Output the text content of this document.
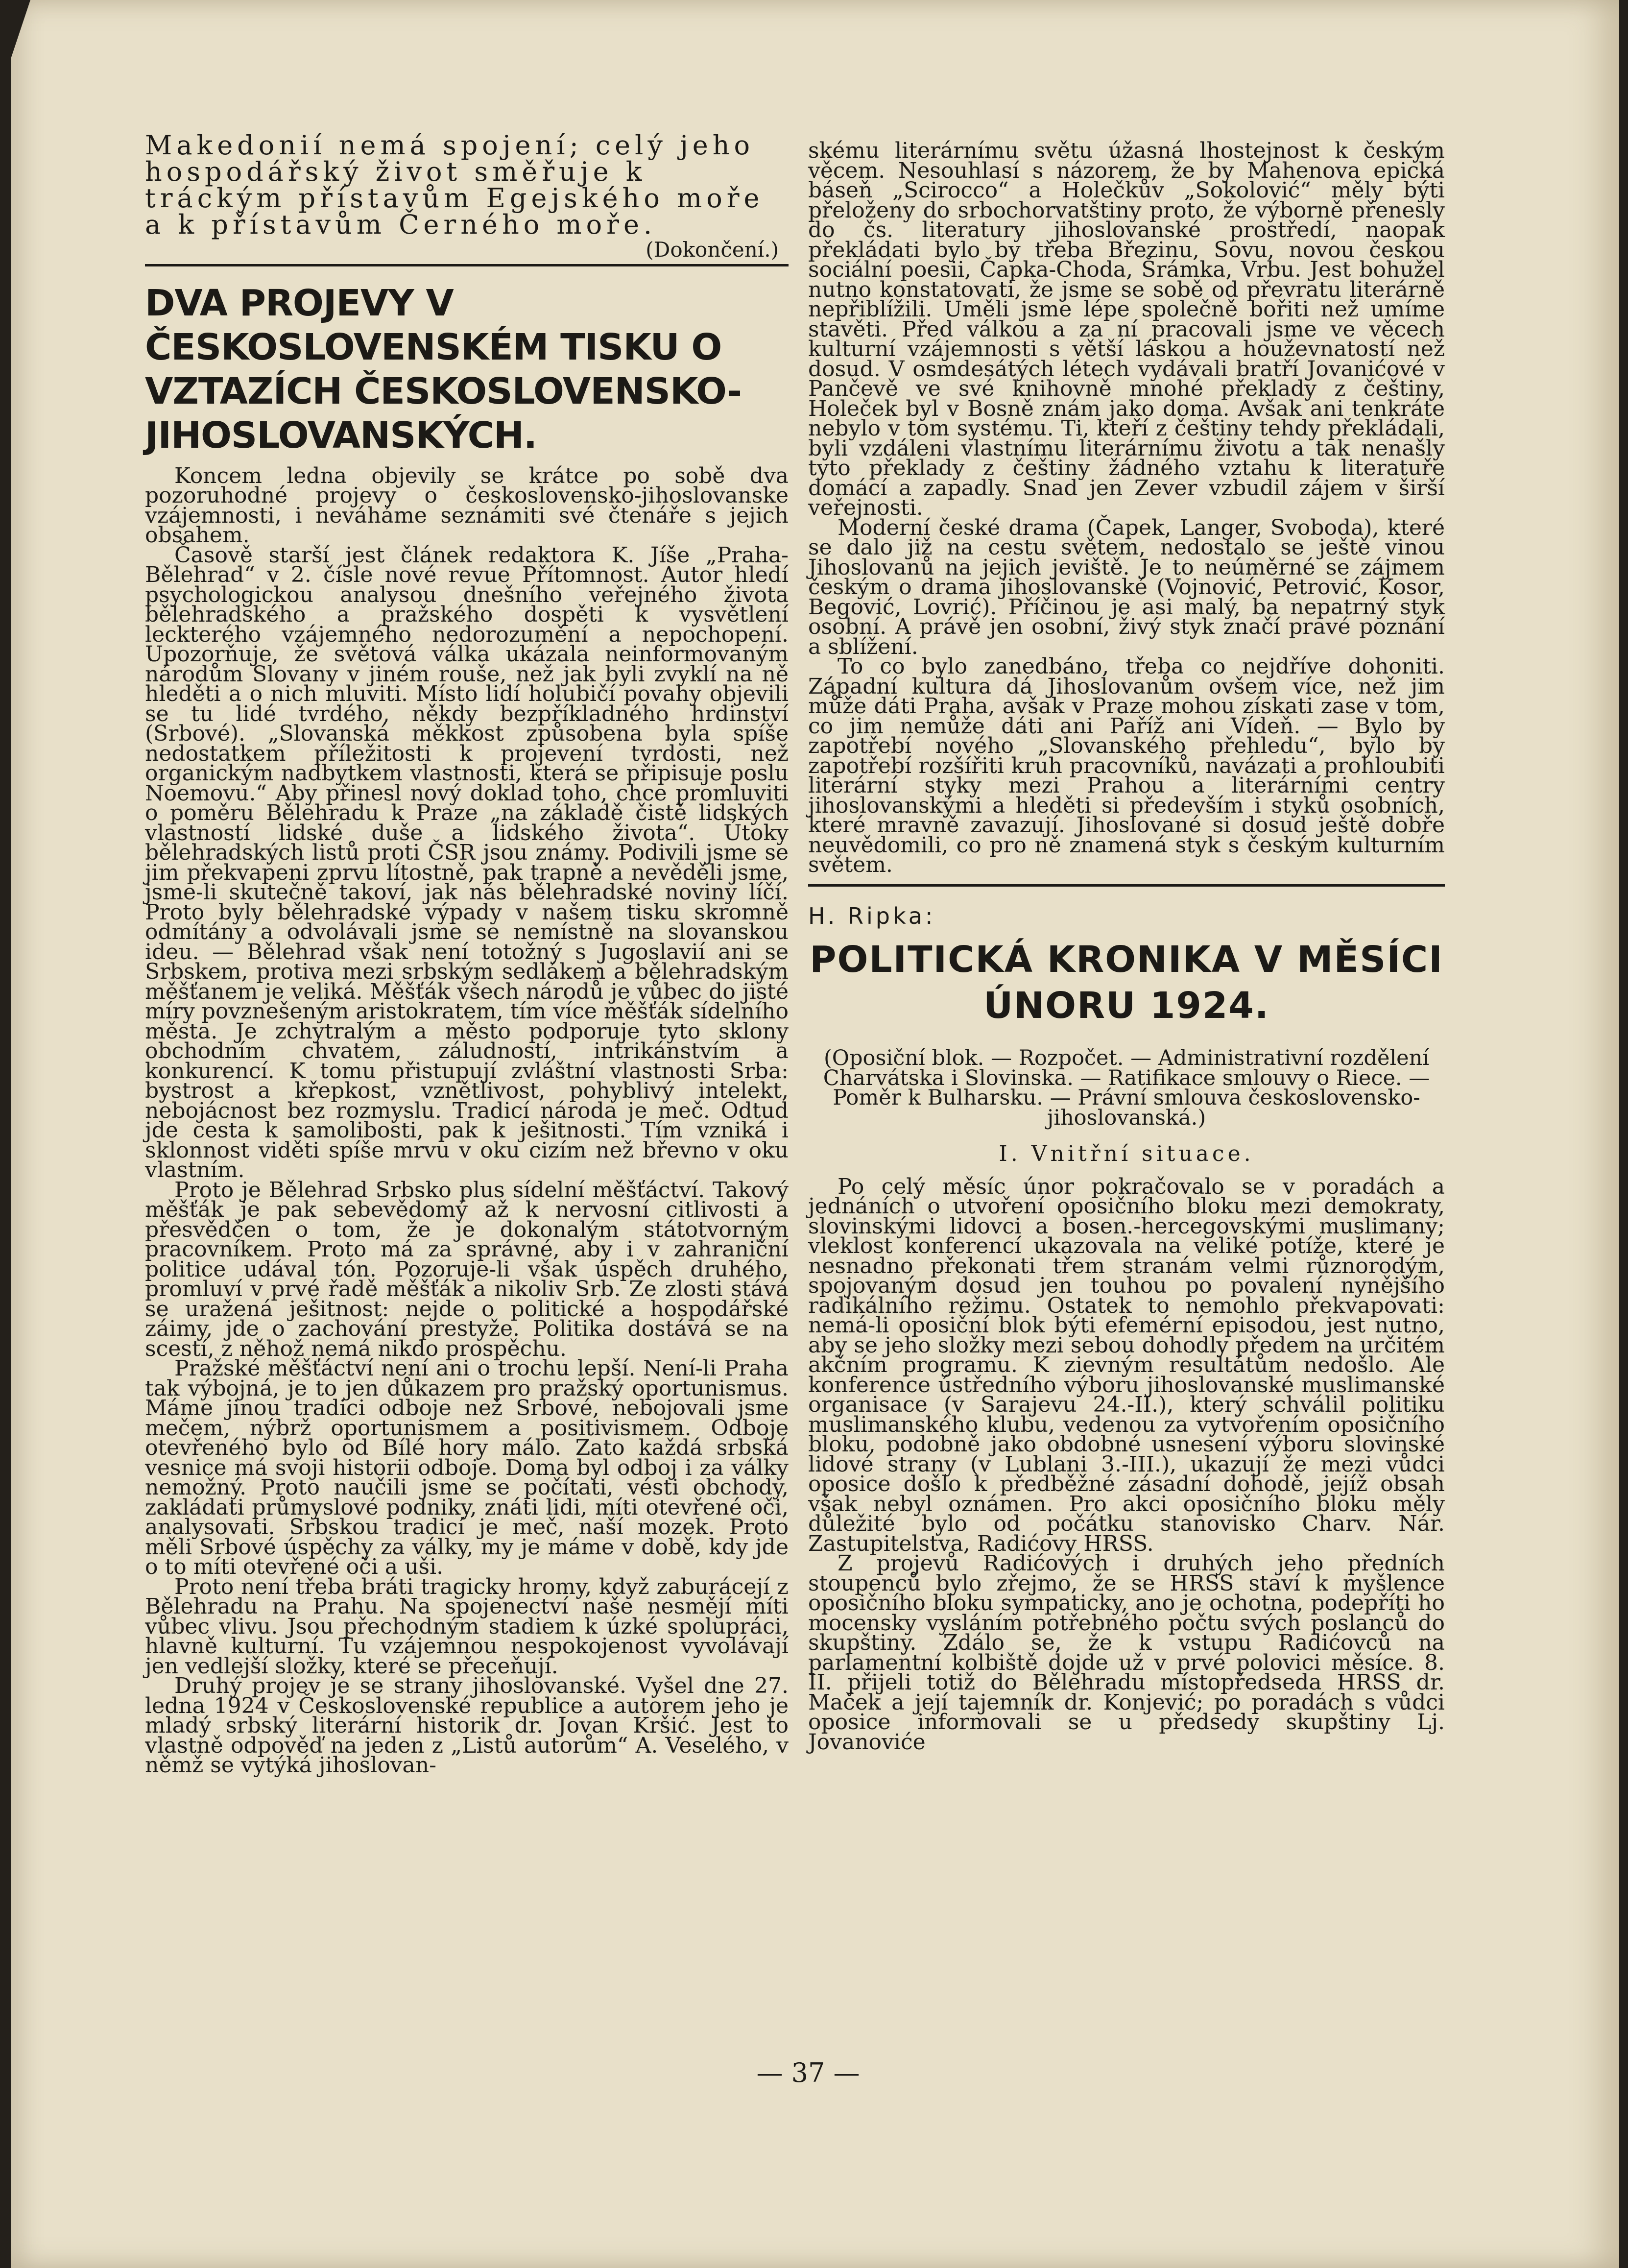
Makedonií nemá spojení; celý jeho hospodářský život směřuje k tráckým přístavům Egejského moře a k přístavům Černého moře.

(Dokončení.)

DVA PROJEVY V ČESKOSLOVENSKÉM TISKU O VZTAZÍCH ČESKOSLOVENSKO-JIHOSLOVANSKÝCH.

Koncem ledna objevily se krátce po sobě dva pozoruhodné projevy o československo-jihoslovanske vzájemnosti, i neváháme seznámiti své čtenáře s jejich obsahem.

Časově starší jest článek redaktora K. Jíše „Praha-Bělehrad“ v 2. čísle nové revue Přítomnost. Autor hledí psychologickou analysou dnešního veřejného života bělehradského a pražského dospěti k vysvětlení leckterého vzájemného nedorozumění a nepochopení. Upozorňuje, že světová válka ukázala neinformovaným národům Slovany v jiném rouše, než jak byli zvyklí na ně hleděti a o nich mluviti. Místo lidí holubičí povahy objevili se tu lidé tvrdého, někdy bezpříkladného hrdinství (Srbové). „Slovanská měkkost způsobena byla spíše nedostatkem příležitosti k projevení tvrdosti, než organickým nadbytkem vlastnosti, která se připisuje poslu Noemovu.“ Aby přinesl nový doklad toho, chce promluviti o poměru Bělehradu k Praze „na základě čistě lidských vlastností lidské duše a lidského života“. Útoky bělehradských listů proti ČSR jsou známy. Podivili jsme se jim překvapeni zprvu lítostně, pak trapně a nevěděli jsme, jsme-li skutečně takoví, jak nás bělehradské noviny líčí. Proto byly bělehradské výpady v našem tisku skromně odmítány a odvolávali jsme se nemístně na slovanskou ideu. — Bělehrad však není totožný s Jugoslavií ani se Srbskem, protiva mezi srbským sedlákem a bělehradským měšťanem je veliká. Měšťák všech národů je vůbec do jisté míry povznešeným aristokratem, tím více měšťák sídelního města. Je zchytralým a město podporuje tyto sklony obchodním chvatem, záludností, intrikánstvím a konkurencí. K tomu přistupují zvláštní vlastnosti Srba: bystrost a křepkost, vznětlivost, pohyblivý intelekt, nebojácnost bez rozmyslu. Tradicí národa je meč. Odtud jde cesta k samolibosti, pak k ješitnosti. Tím vzniká i sklonnost viděti spíše mrvu v oku cizím než břevno v oku vlastním.

Proto je Bělehrad Srbsko plus sídelní měšťáctví. Takový měšťák je pak sebevědomý až k nervosní citlivosti a přesvědčen o tom, že je dokonalým státotvorným pracovníkem. Proto má za správné, aby i v zahraniční politice udával tón. Pozoruje-li však úspěch druhého, promluví v prvé řadě měšťák a nikoliv Srb. Ze zlosti stává se uražená ješitnost: nejde o politické a hospodářské záimy, jde o zachování prestyže. Politika dostává se na scestí, z něhož nemá nikdo prospěchu.

Pražské měšťáctví není ani o trochu lepší. Není-li Praha tak výbojná, je to jen důkazem pro pražský oportunismus. Máme jinou tradici odboje než Srbové, nebojovali jsme mečem, nýbrž oportunismem a positivismem. Odboje otevřeného bylo od Bílé hory málo. Zato každá srbská vesnice má svoji historii odboje. Doma byl odboj i za války nemožný. Proto naučili jsme se počítati, vésti obchody, zakládati průmyslové podniky, znáti lidi, míti otevřené oči, analysovati. Srbskou tradicí je meč, naší mozek. Proto měli Srbové úspěchy za války, my je máme v době, kdy jde o to míti otevřené oči a uši.

Proto není třeba bráti tragicky hromy, když zaburácejí z Bělehradu na Prahu. Na spojenectví naše nesmějí míti vůbec vlivu. Jsou přechodným stadiem k úzké spolupráci, hlavně kulturní. Tu vzájemnou nespokojenost vyvolávají jen vedlejší složky, které se přeceňují.

Druhý projev je se strany jihoslovanské. Vyšel dne 27. ledna 1924 v Československé republice a autorem jeho je mladý srbský literární historik dr. Jovan Kršić. Jest to vlastně odpověď na jeden z „Listů autorům“ A. Veselého, v němž se vytýká jihoslovan-

skému literárnímu světu úžasná lhostejnost k českým věcem. Nesouhlasí s názorem, že by Mahenova epická báseň „Scirocco“ a Holečkův „Sokolović“ měly býti přeloženy do srbochorvatštiny proto, že výborně přenesly do čs. literatury jihoslovanské prostředí, naopak překládati bylo by třeba Březinu, Sovu, novou českou sociální poesii, Čapka-Choda, Šrámka, Vrbu. Jest bohužel nutno konstatovati, že jsme se sobě od převratu literárně nepřiblížili. Uměli jsme lépe společně bořiti než umíme stavěti. Před válkou a za ní pracovali jsme ve věcech kulturní vzájemnosti s větší láskou a houževnatostí než dosud. V osmdesátých létech vydávali bratří Jovanićové v Pančevě ve své knihovně mnohé překlady z češtiny, Holeček byl v Bosně znám jako doma. Avšak ani tenkráte nebylo v tom systému. Ti, kteří z češtiny tehdy překládali, byli vzdáleni vlastnímu literárnímu životu a tak nenašly tyto překlady z češtiny žádného vztahu k literatuře domácí a zapadly. Snad jen Zever vzbudil zájem v širší veřejnosti.

Moderní české drama (Čapek, Langer, Svoboda), které se dalo již na cestu světem, nedostalo se ještě vinou Jihoslovanů na jejich jeviště. Je to neúměrné se zájmem českým o drama jihoslovanské (Vojnović, Petrović, Kosor, Begović, Lovrić). Příčinou je asi malý, ba nepatrný styk osobní. A právě jen osobní, živý styk značí pravé poznání a sblížení.

To co bylo zanedbáno, třeba co nejdříve dohoniti. Západní kultura dá Jihoslovanům ovšem více, než jim může dáti Praha, avšak v Praze mohou získati zase v tom, co jim nemůže dáti ani Paříž ani Vídeň. — Bylo by zapotřebí nového „Slovanského přehledu“, bylo by zapotřebí rozšířiti kruh pracovníků, navázati a prohloubiti literární styky mezi Prahou a literárními centry jihoslovanskými a hleděti si především i styků osobních, které mravně zavazují. Jihoslované si dosud ještě dobře neuvědomili, co pro ně znamená styk s českým kulturním světem.

H. Ripka:

POLITICKÁ KRONIKA V MĚSÍCI ÚNORU 1924.

(Oposiční blok. — Rozpočet. — Administrativní rozdělení Charvátska i Slovinska. — Ratifikace smlouvy o Riece. — Poměr k Bulharsku. — Právní smlouva československo-jihoslovanská.)

I. Vnitřní situace.

Po celý měsíc únor pokračovalo se v poradách a jednáních o utvoření oposičního bloku mezi demokraty, slovinskými lidovci a bosen.-hercegovskými muslimany; vleklost konferencí ukazovala na veliké potíže, které je nesnadno překonati třem stranám velmi různorodým, spojovaným dosud jen touhou po povalení nynějšího radikálního režimu. Ostatek to nemohlo překvapovati: nemá-li oposiční blok býti efemérní episodou, jest nutno, aby se jeho složky mezi sebou dohodly předem na určitém akčním programu. K zievným resultátům nedošlo. Ale konference ústředního výboru jihoslovanské muslimanské organisace (v Sarajevu 24.-II.), který schválil politiku muslimanského klubu, vedenou za vytvořením oposičního bloku, podobně jako obdobné usnesení výboru slovinské lidové strany (v Lublani 3.-III.), ukazují že mezi vůdci oposice došlo k předběžné zásadní dohodě, jejíž obsah však nebyl oznámen. Pro akci oposičního bloku měly důležité bylo od počátku stanovisko Charv. Nár. Zastupitelstva, Radićovy HRSS.

Z projevů Radićových i druhých jeho předních stoupenců bylo zřejmo, že se HRSS staví k myšlence oposičního bloku sympaticky, ano je ochotna, podepříti ho mocensky vysláním potřebného počtu svých poslanců do skupštiny. Zdálo se, že k vstupu Radićovců na parlamentní kolbiště dojde už v prvé polovici měsíce. 8. II. přijeli totiž do Bělehradu místopředseda HRSS dr. Maček a její tajemník dr. Konjević; po poradách s vůdci oposice informovali se u předsedy skupštiny Lj. Jovanoviće

— 37 —
